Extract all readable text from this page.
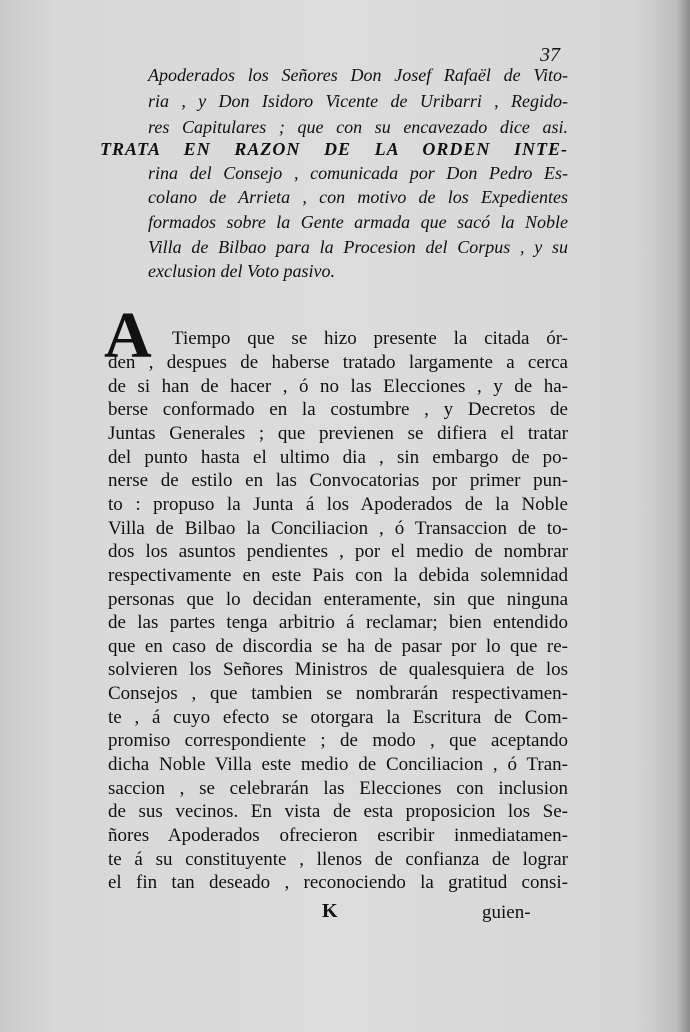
37
Apoderados los Señores Don Josef Rafaël de Vito-
ria , y Don Isidoro Vicente de Uribarri , Regido-
res Capitulares ; que con su encavezado dice asi.
TRATA EN RAZON DE LA ORDEN INTE-
rina del Consejo , comunicada por Don Pedro Es-
colano de Arrieta , con motivo de los Expedientes
formados sobre la Gente armada que sacó la Noble
Villa de Bilbao para la Procesion del Corpus , y su
exclusion del Voto pasivo.
A Tiempo que se hizo presente la citada ór-
den , despues de haberse tratado largamente a cerca
de si han de hacer , ó no las Elecciones , y de ha-
berse conformado en la costumbre , y Decretos de
Juntas Generales ; que previenen se difiera el tratar
del punto hasta el ultimo dia , sin embargo de po-
nerse de estilo en las Convocatorias por primer pun-
to : propuso la Junta á los Apoderados de la Noble
Villa de Bilbao la Conciliacion , ó Transaccion de to-
dos los asuntos pendientes , por el medio de nombrar
respectivamente en este Pais con la debida solemnidad
personas que lo decidan enteramente, sin que ninguna
de las partes tenga arbitrio á reclamar; bien entendido
que en caso de discordia se ha de pasar por lo que re-
solvieren los Señores Ministros de qualesquiera de los
Consejos , que tambien se nombrarán respectivamen-
te , á cuyo efecto se otorgara la Escritura de Com-
promiso correspondiente ; de modo , que aceptando
dicha Noble Villa este medio de Conciliacion , ó Tran-
saccion , se celebrarán las Elecciones con inclusion
de sus vecinos. En vista de esta proposicion los Se-
ñores Apoderados ofrecieron escribir inmediatamen-
te á su constituyente , llenos de confianza de lograr
el fin tan deseado , reconociendo la gratitud consi-
K	guien-
